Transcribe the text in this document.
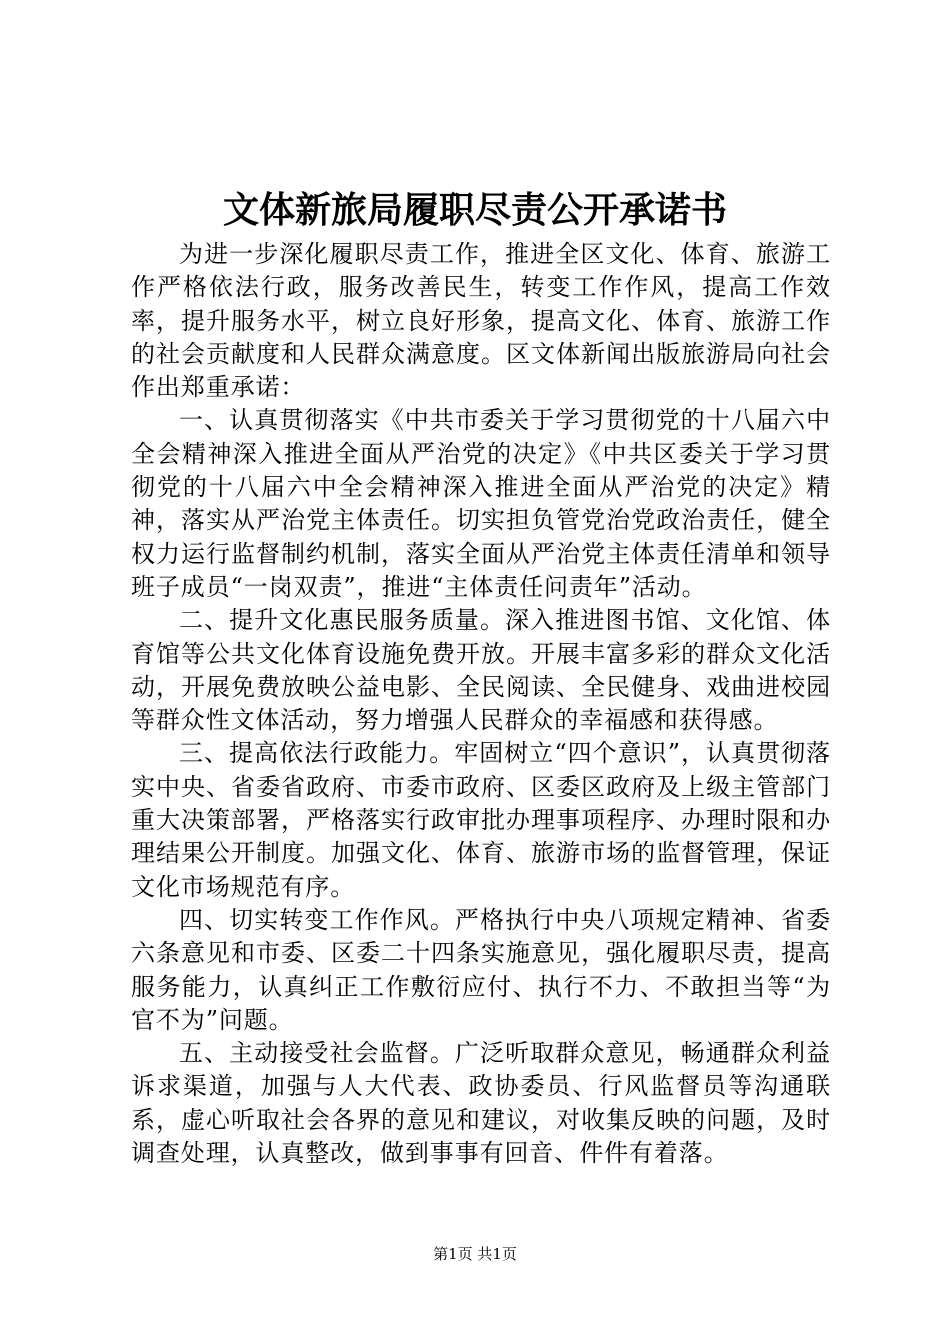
文体新旅局履职尽责公开承诺书

为进一步深化履职尽责工作，推进全区文化、体育、旅游工作严格依法行政，服务改善民生，转变工作作风，提高工作效率，提升服务水平，树立良好形象，提高文化、体育、旅游工作的社会贡献度和人民群众满意度。区文体新闻出版旅游局向社会作出郑重承诺：

一、认真贯彻落实《中共市委关于学习贯彻党的十八届六中全会精神深入推进全面从严治党的决定》《中共区委关于学习贯彻党的十八届六中全会精神深入推进全面从严治党的决定》精神，落实从严治党主体责任。切实担负管党治党政治责任，健全权力运行监督制约机制，落实全面从严治党主体责任清单和领导班子成员“一岗双责”，推进“主体责任问责年”活动。

二、提升文化惠民服务质量。深入推进图书馆、文化馆、体育馆等公共文化体育设施免费开放。开展丰富多彩的群众文化活动，开展免费放映公益电影、全民阅读、全民健身、戏曲进校园等群众性文体活动，努力增强人民群众的幸福感和获得感。

三、提高依法行政能力。牢固树立“四个意识”，认真贯彻落实中央、省委省政府、市委市政府、区委区政府及上级主管部门重大决策部署，严格落实行政审批办理事项程序、办理时限和办理结果公开制度。加强文化、体育、旅游市场的监督管理，保证文化市场规范有序。

四、切实转变工作作风。严格执行中央八项规定精神、省委六条意见和市委、区委二十四条实施意见，强化履职尽责，提高服务能力，认真纠正工作敷衍应付、执行不力、不敢担当等“为官不为”问题。

五、主动接受社会监督。广泛听取群众意见，畅通群众利益诉求渠道，加强与人大代表、政协委员、行风监督员等沟通联系，虚心听取社会各界的意见和建议，对收集反映的问题，及时调查处理，认真整改，做到事事有回音、件件有着落。

第1页 共1页
